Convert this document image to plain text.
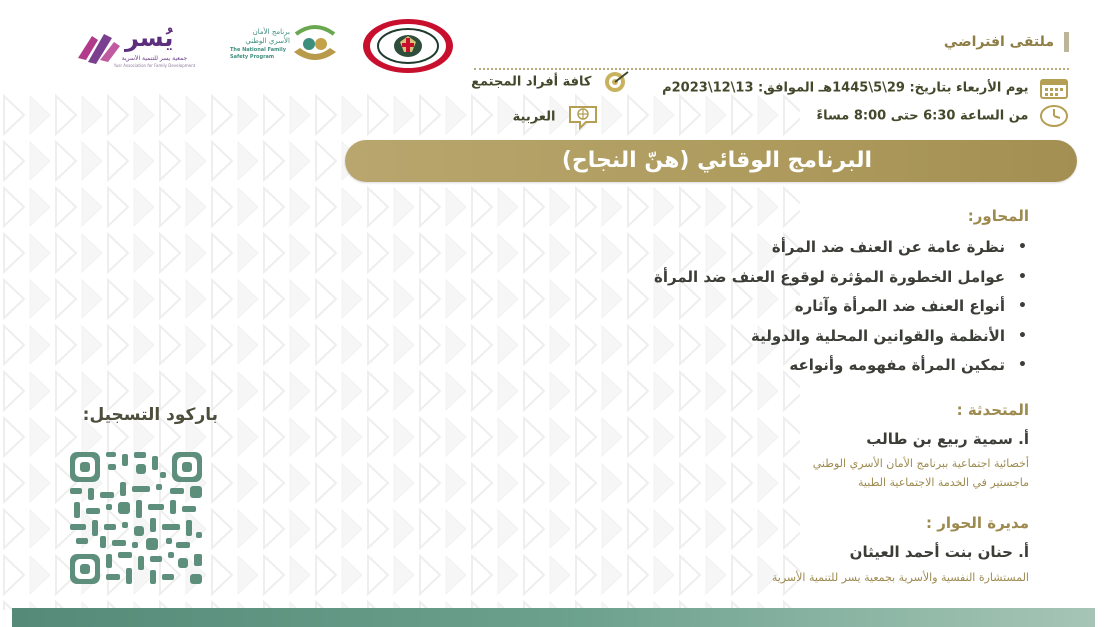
يُسر
جمعية يسر للتنمية الأسرية
Yusr Association for Family Development
برنامج الأمان
الأسري الوطني
The National Family
Safety Program
ملتقى افتراضي
يوم الأربعاء بتاريخ: 29\5\1445هـ الموافق: 13\12\2023م
كافة أفراد المجتمع
من الساعة 6:30 حتى 8:00 مساءً
العربية
البرنامج الوقائي (هنّ النجاح)
المحاور:
• نظرة عامة عن العنف ضد المرأة
• عوامل الخطورة المؤثرة لوقوع العنف ضد المرأة
• أنواع العنف ضد المرأة وآثاره
• الأنظمة والقوانين المحلية والدولية
• تمكين المرأة مفهومه وأنواعه
المتحدثة :
أ. سمية ربيع بن طالب
أخصائية اجتماعية ببرنامج الأمان الأسري الوطني
ماجستير في الخدمة الاجتماعية الطبية
مديرة الحوار :
أ. حنان بنت أحمد العيثان
المستشارة النفسية والأسرية بجمعية يسر للتنمية الأسرية
باركود التسجيل:
